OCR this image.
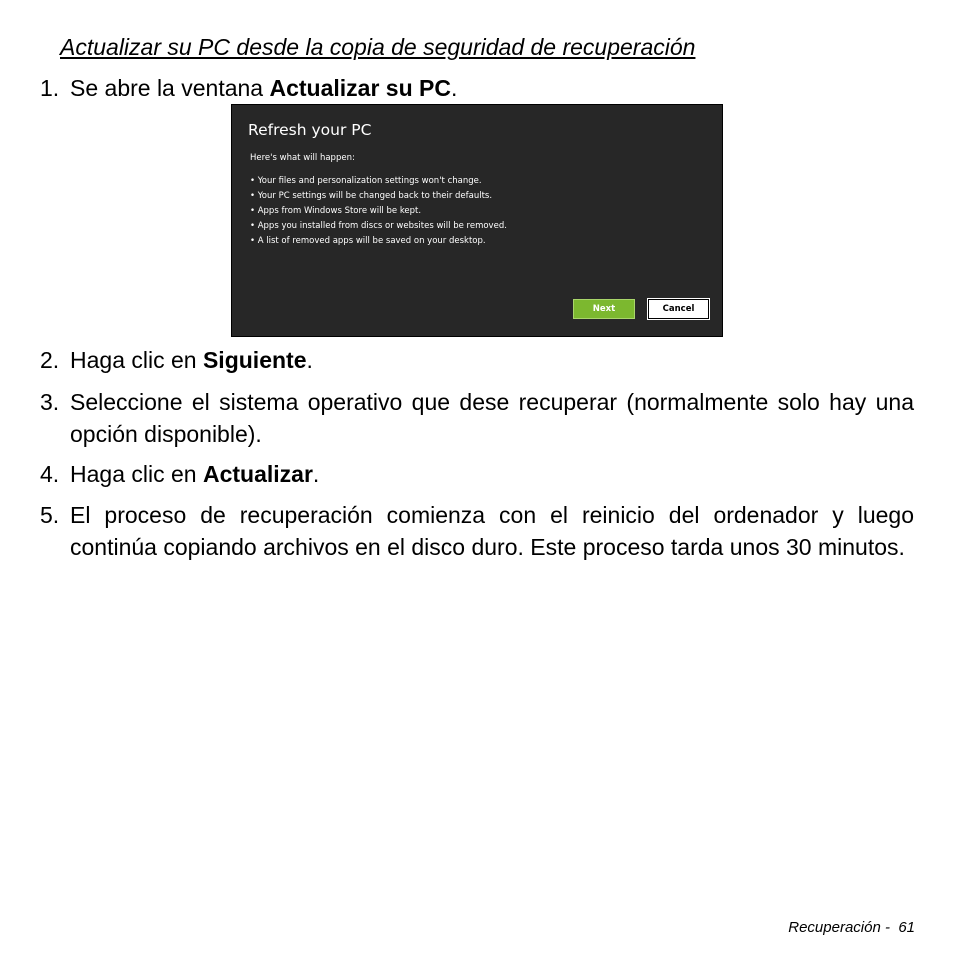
Actualizar su PC desde la copia de seguridad de recuperación
1. Se abre la ventana Actualizar su PC.
Refresh your PC
Here's what will happen:
• Your files and personalization settings won't change.
• Your PC settings will be changed back to their defaults.
• Apps from Windows Store will be kept.
• Apps you installed from discs or websites will be removed.
• A list of removed apps will be saved on your desktop.
Next	Cancel
2. Haga clic en Siguiente.
3. Seleccione el sistema operativo que dese recuperar (normalmente solo hay una opción disponible).
4. Haga clic en Actualizar.
5. El proceso de recuperación comienza con el reinicio del ordenador y luego continúa copiando archivos en el disco duro. Este proceso tarda unos 30 minutos.
Recuperación -  61
